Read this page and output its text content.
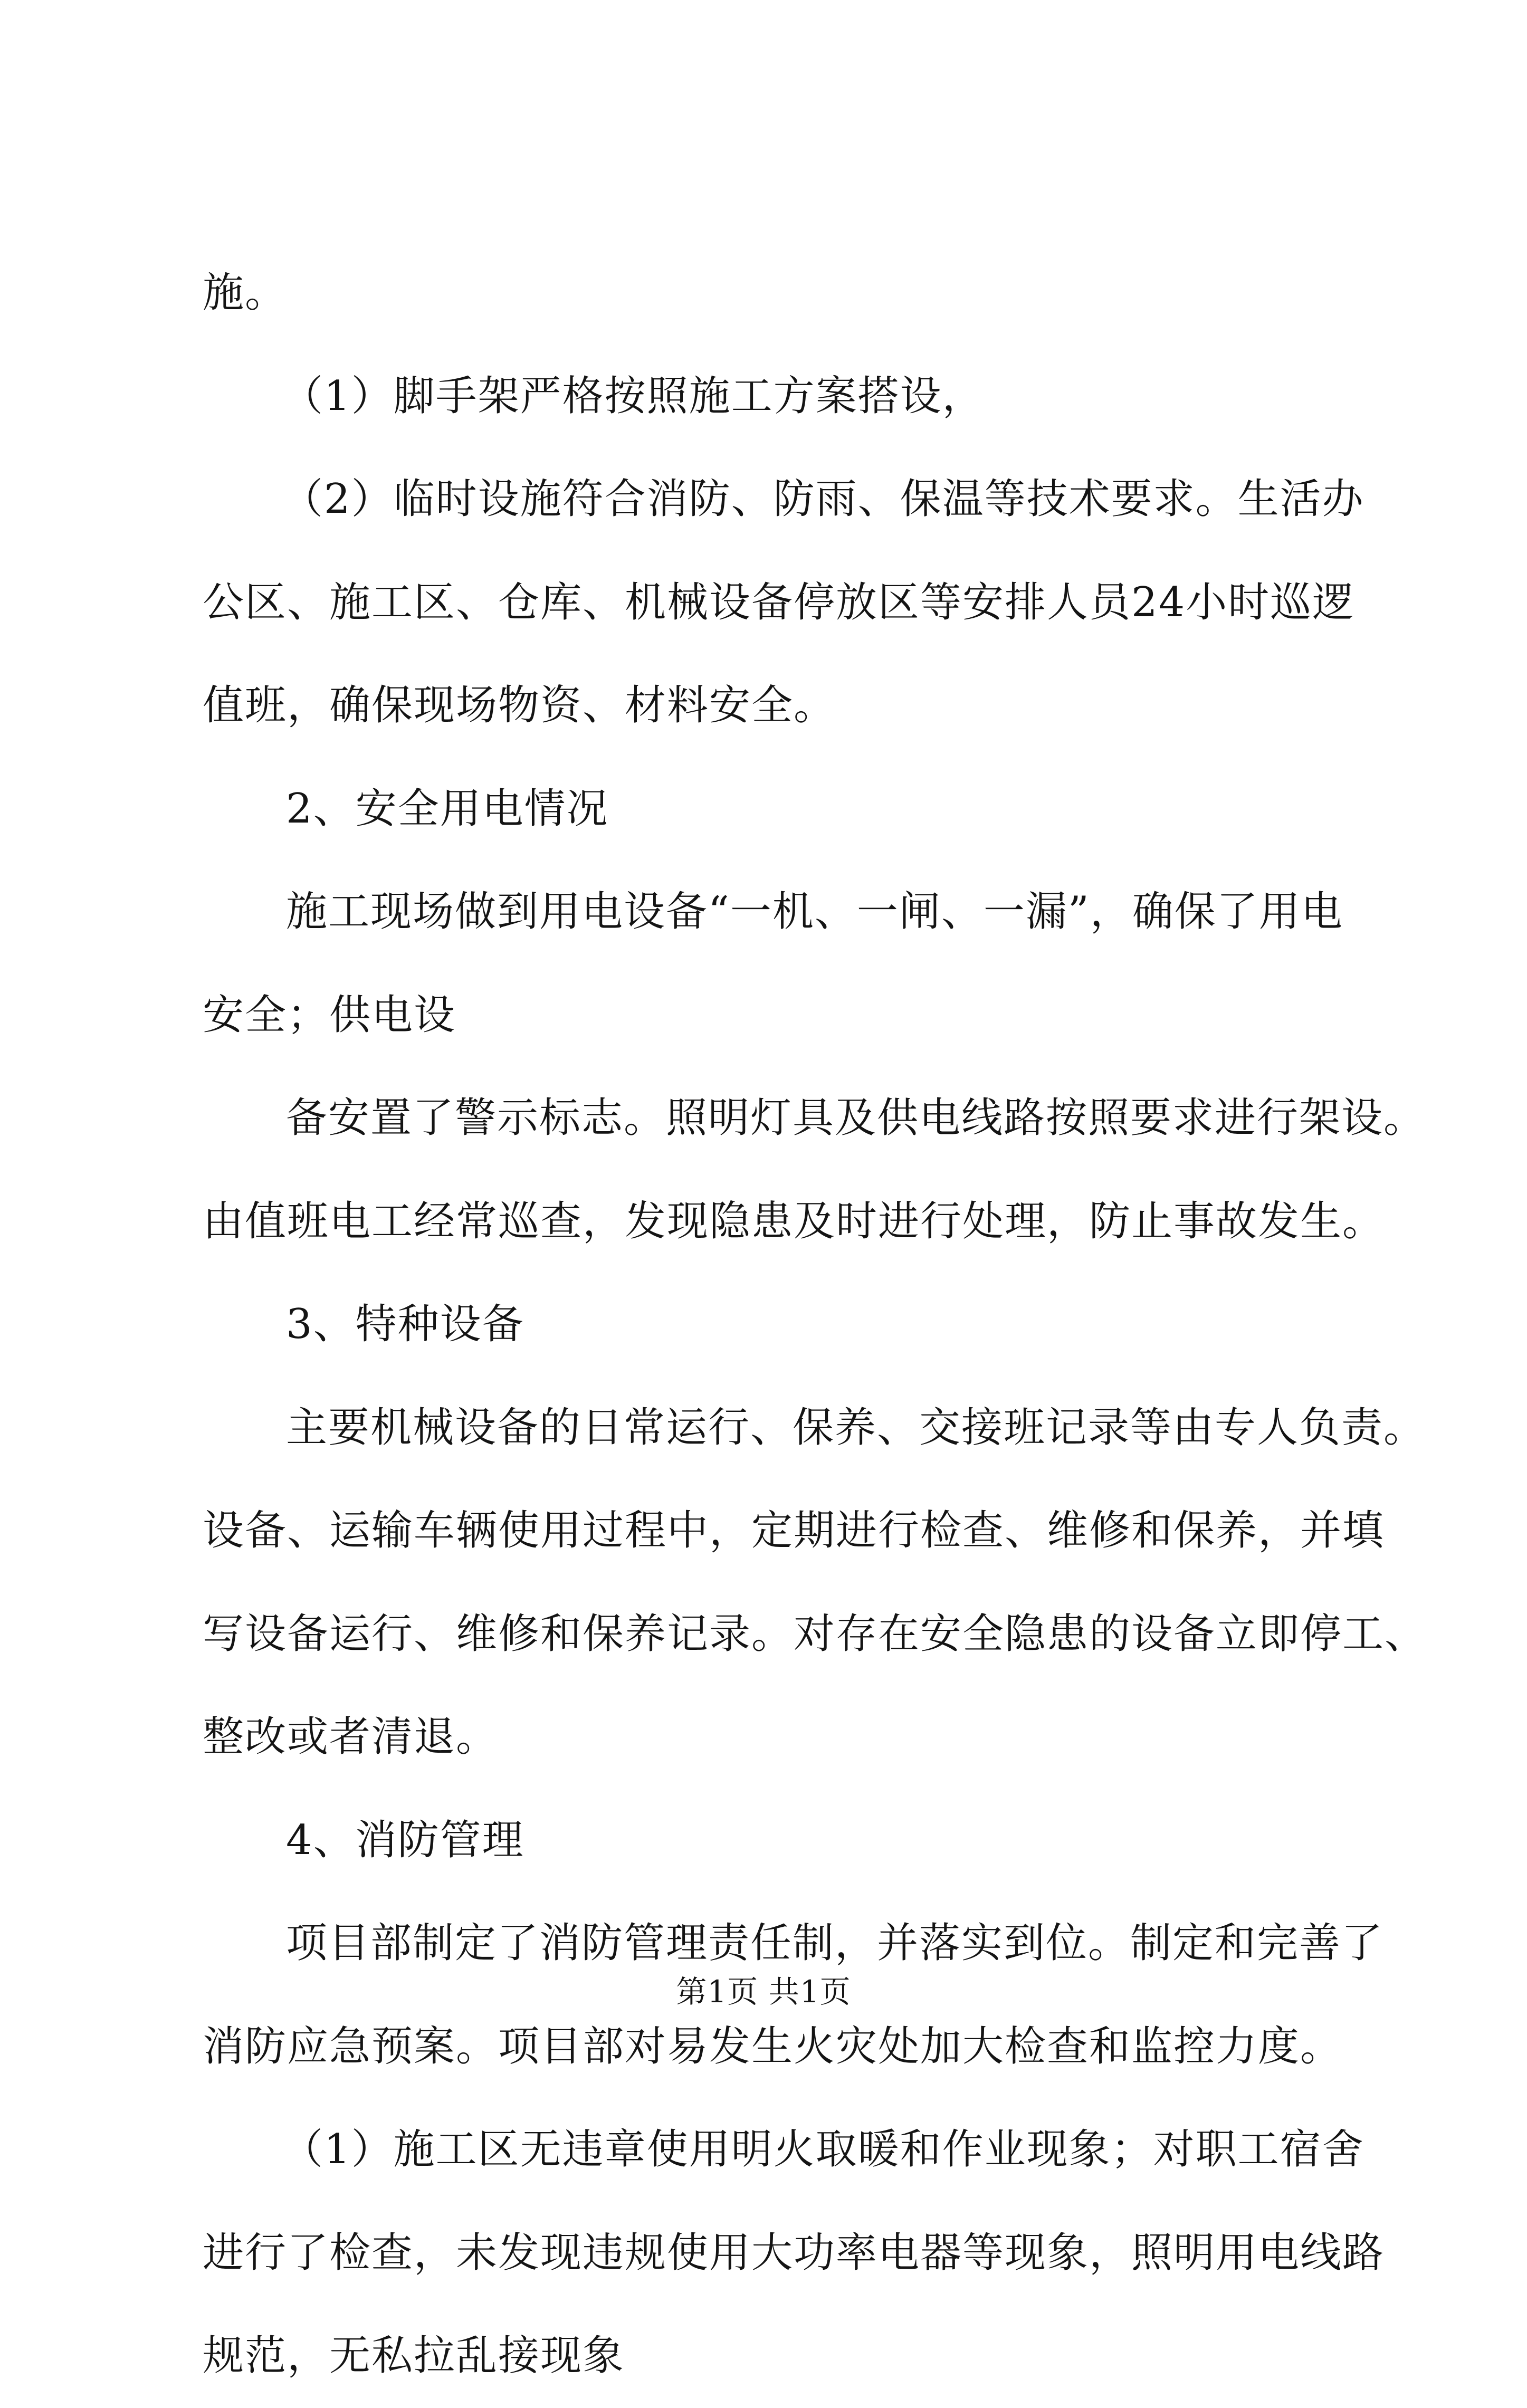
施。
（1）脚手架严格按照施工方案搭设，
（2）临时设施符合消防、防雨、保温等技术要求。生活办
公区、施工区、仓库、机械设备停放区等安排人员24小时巡逻
值班，确保现场物资、材料安全。
2、安全用电情况
施工现场做到用电设备“一机、一闸、一漏”，确保了用电
安全；供电设
备安置了警示标志。照明灯具及供电线路按照要求进行架设。
由值班电工经常巡查，发现隐患及时进行处理，防止事故发生。
3、特种设备
主要机械设备的日常运行、保养、交接班记录等由专人负责。
设备、运输车辆使用过程中，定期进行检查、维修和保养，并填
写设备运行、维修和保养记录。对存在安全隐患的设备立即停工、
整改或者清退。
4、消防管理
项目部制定了消防管理责任制，并落实到位。制定和完善了
消防应急预案。项目部对易发生火灾处加大检查和监控力度。
（1）施工区无违章使用明火取暖和作业现象；对职工宿舍
进行了检查，未发现违规使用大功率电器等现象，照明用电线路
规范，无私拉乱接现象
第1页 共1页
